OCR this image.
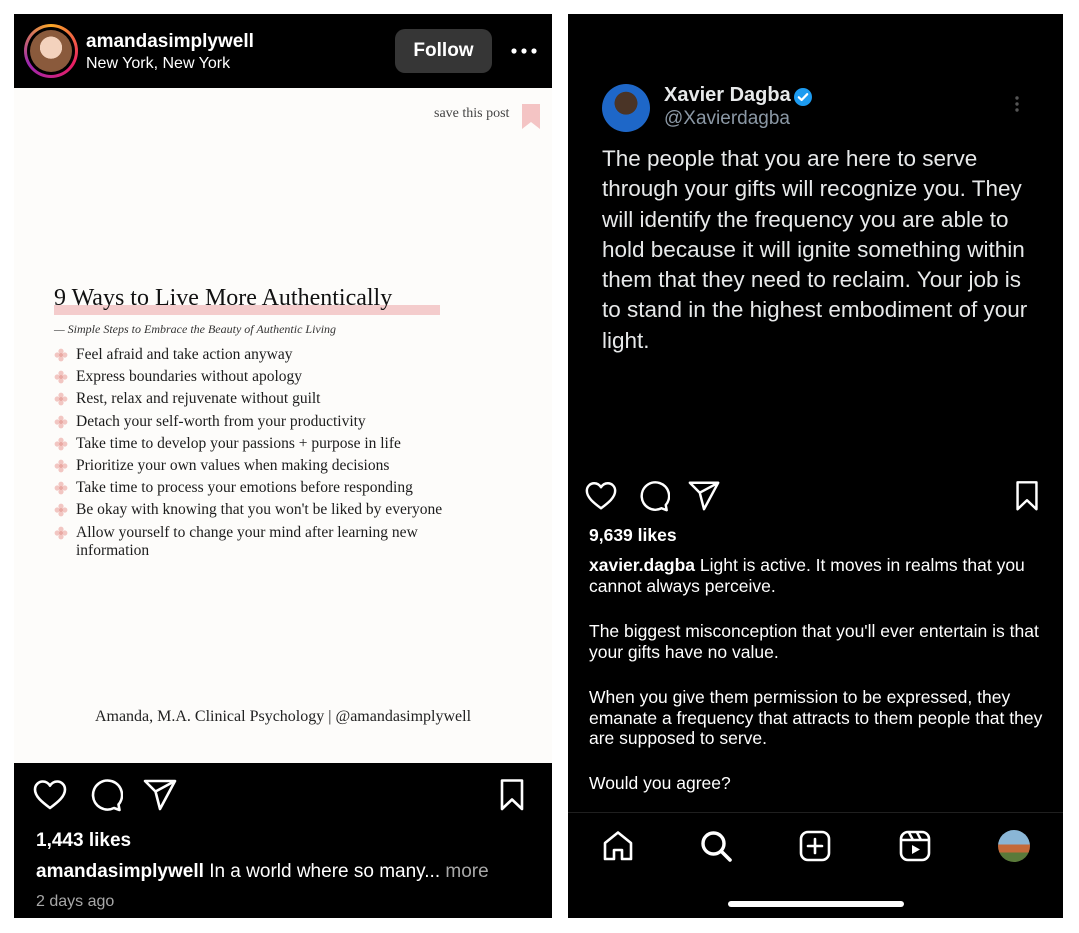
amandasimplywell
New York, New York
Follow
save this post
9 Ways to Live More Authentically
— Simple Steps to Embrace the Beauty of Authentic Living
Feel afraid and take action anyway
Express boundaries without apology
Rest, relax and rejuvenate without guilt
Detach your self-worth from your productivity
Take time to develop your passions + purpose in life
Prioritize your own values when making decisions
Take time to process your emotions before responding
Be okay with knowing that you won't be liked by everyone
Allow yourself to change your mind after learning new information
Amanda, M.A. Clinical Psychology | @amandasimplywell
1,443 likes
amandasimplywell In a world where so many... more
2 days ago
Xavier Dagba
@Xavierdagba
The people that you are here to serve through your gifts will recognize you. They will identify the frequency you are able to hold because it will ignite something within them that they need to reclaim. Your job is to stand in the highest embodiment of your light.
9,639 likes
xavier.dagba Light is active. It moves in realms that you cannot always perceive.
The biggest misconception that you'll ever entertain is that your gifts have no value.
When you give them permission to be expressed, they emanate a frequency that attracts to them people that they are supposed to serve.
Would you agree?
